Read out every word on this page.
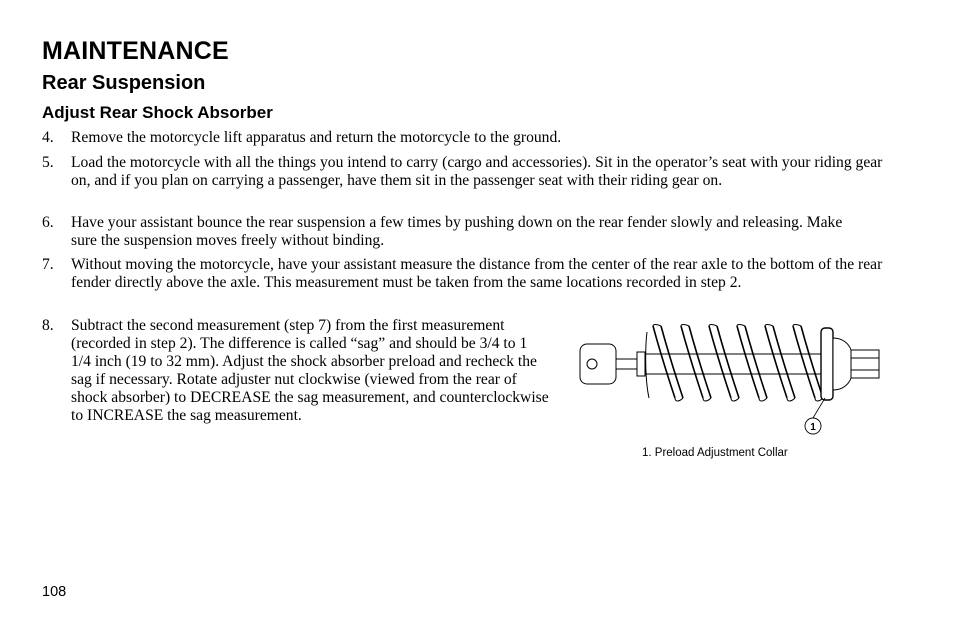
MAINTENANCE
Rear Suspension
Adjust Rear Shock Absorber
4.	Remove the motorcycle lift apparatus and return the motorcycle to the ground.
5.	Load the motorcycle with all the things you intend to carry (cargo and accessories). Sit in the operator’s seat with your riding gear on, and if you plan on carrying a passenger, have them sit in the passenger seat with their riding gear on.
6.	Have your assistant bounce the rear suspension a few times by pushing down on the rear fender slowly and releasing. Make sure the suspension moves freely without binding.
7.	Without moving the motorcycle, have your assistant measure the distance from the center of the rear axle to the bottom of the rear fender directly above the axle. This measurement must be taken from the same locations recorded in step 2.
8.	Subtract the second measurement (step 7) from the first measurement (recorded in step 2). The difference is called “sag” and should be 3/4 to 1 1/4 inch (19 to 32 mm). Adjust the shock absorber preload and recheck the sag if necessary. Rotate adjuster nut clockwise (viewed from the rear of shock absorber) to DECREASE the sag measurement, and counterclockwise to INCREASE the sag measurement.
1
1. Preload Adjustment Collar
108
